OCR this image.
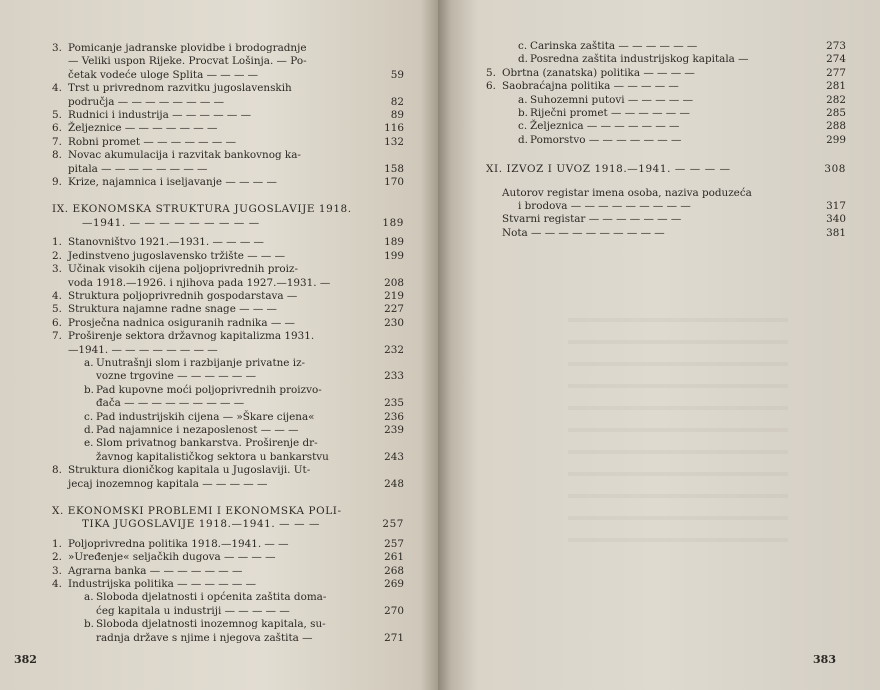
3. Pomicanje jadranske plovidbe i brodogradnje
— Veliki uspon Rijeke. Procvat Lošinja. — Po-
četak vodeće uloge Splita — — — —	59
4. Trst u privrednom razvitku jugoslavenskih
područja — — — — — — — —	82
5. Rudnici i industrija — — — — — —	89
6. Željeznice — — — — — — —	116
7. Robni promet — — — — — — —	132
8. Novac akumulacija i razvitak bankovnog ka-
pitala — — — — — — — —	158
9. Krize, najamnica i iseljavanje — — — —	170
IX. EKONOMSKA STRUKTURA JUGOSLAVIJE 1918.
—1941. — — — — — — — — —	189
1. Stanovništvo 1921.—1931. — — — —	189
2. Jedinstveno jugoslavensko tržište — — —	199
3. Učinak visokih cijena poljoprivrednih proiz-
voda 1918.—1926. i njihova pada 1927.—1931. —	208
4. Struktura poljoprivrednih gospodarstava —	219
5. Struktura najamne radne snage — — —	227
6. Prosječna nadnica osiguranih radnika — —	230
7. Proširenje sektora državnog kapitalizma 1931.
—1941. — — — — — — — —	232
a. Unutrašnji slom i razbijanje privatne iz-
vozne trgovine — — — — — —	233
b. Pad kupovne moći poljoprivrednih proizvo-
đača — — — — — — — — —	235
c. Pad industrijskih cijena — »Škare cijena«	236
d. Pad najamnice i nezaposlenost — — —	239
e. Slom privatnog bankarstva. Proširenje dr-
žavnog kapitalističkog sektora u bankarstvu	243
8. Struktura dioničkog kapitala u Jugoslaviji. Ut-
jecaj inozemnog kapitala — — — — —	248
X. EKONOMSKI PROBLEMI I EKONOMSKA POLI-
TIKA JUGOSLAVIJE 1918.—1941. — — —	257
1. Poljoprivredna politika 1918.—1941. — —	257
2. »Uređenje« seljačkih dugova — — — —	261
3. Agrarna banka — — — — — — —	268
4. Industrijska politika — — — — — —	269
a. Sloboda djelatnosti i općenita zaštita doma-
ćeg kapitala u industriji — — — — —	270
b. Sloboda djelatnosti inozemnog kapitala, su-
radnja države s njime i njegova zaštita —	271
382
c. Carinska zaštita — — — — — —	273
d. Posredna zaštita industrijskog kapitala —	274
5. Obrtna (zanatska) politika — — — —	277
6. Saobraćajna politika — — — — —	281
a. Suhozemni putovi — — — — —	282
b. Riječni promet — — — — — —	285
c. Željeznica — — — — — — —	288
d. Pomorstvo — — — — — — —	299
XI. IZVOZ I UVOZ 1918.—1941. — — — —	308
Autorov registar imena osoba, naziva poduzeća
i brodova — — — — — — — — —	317
Stvarni registar — — — — — — —	340
Nota — — — — — — — — — —	381
383
